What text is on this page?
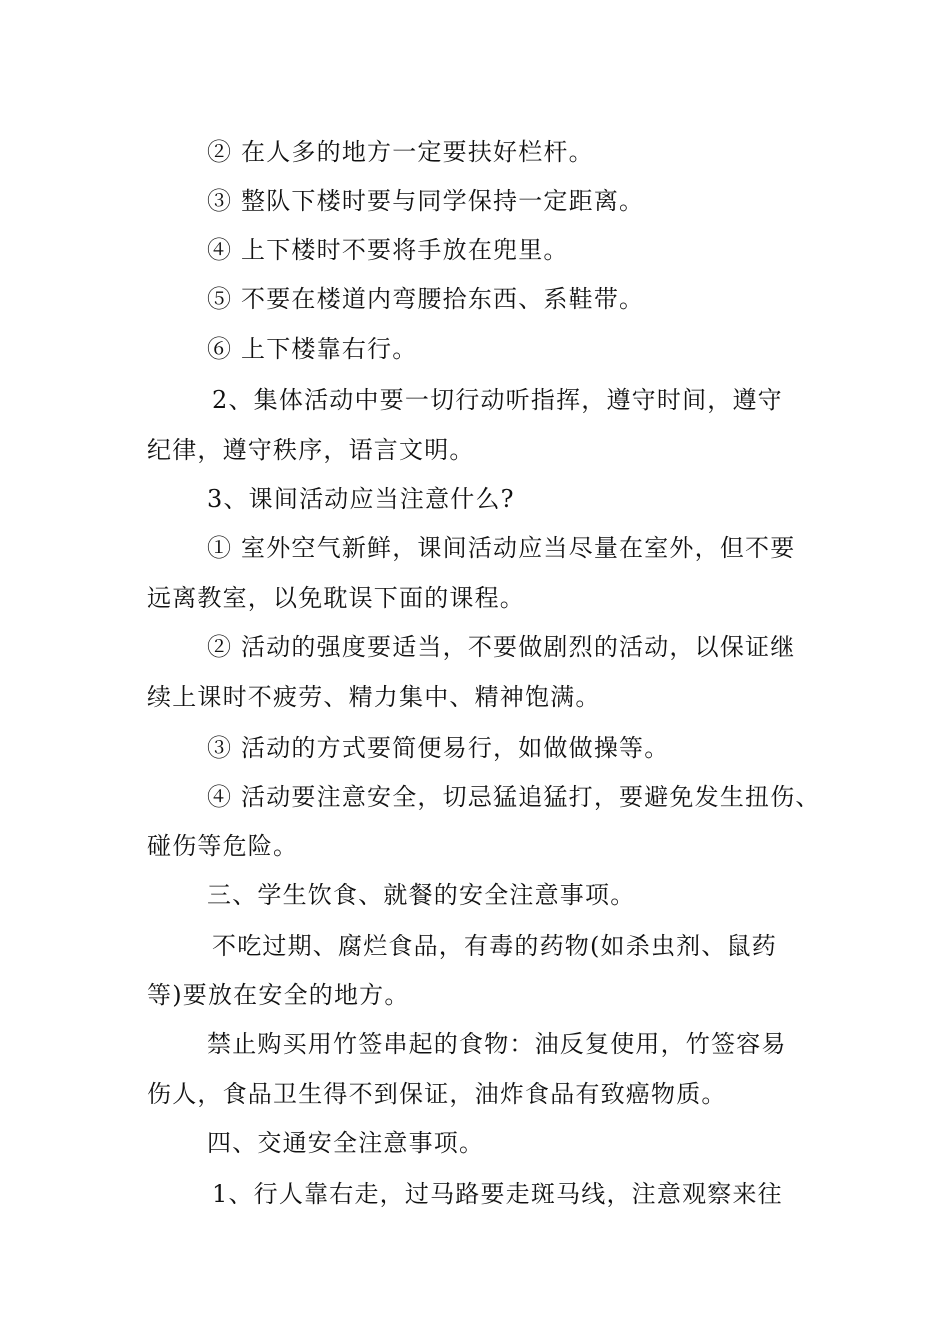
② 在人多的地方一定要扶好栏杆。
③ 整队下楼时要与同学保持一定距离。
④ 上下楼时不要将手放在兜里。
⑤ 不要在楼道内弯腰拾东西、系鞋带。
⑥ 上下楼靠右行。
2、集体活动中要一切行动听指挥，遵守时间，遵守
纪律，遵守秩序，语言文明。
3、课间活动应当注意什么?
① 室外空气新鲜，课间活动应当尽量在室外，但不要
远离教室，以免耽误下面的课程。
② 活动的强度要适当，不要做剧烈的活动，以保证继
续上课时不疲劳、精力集中、精神饱满。
③ 活动的方式要简便易行，如做做操等。
④ 活动要注意安全，切忌猛追猛打，要避免发生扭伤、
碰伤等危险。
三、学生饮食、就餐的安全注意事项。
不吃过期、腐烂食品，有毒的药物(如杀虫剂、鼠药
等)要放在安全的地方。
禁止购买用竹签串起的食物：油反复使用，竹签容易
伤人，食品卫生得不到保证，油炸食品有致癌物质。
四、交通安全注意事项。
1、行人靠右走，过马路要走斑马线，注意观察来往
